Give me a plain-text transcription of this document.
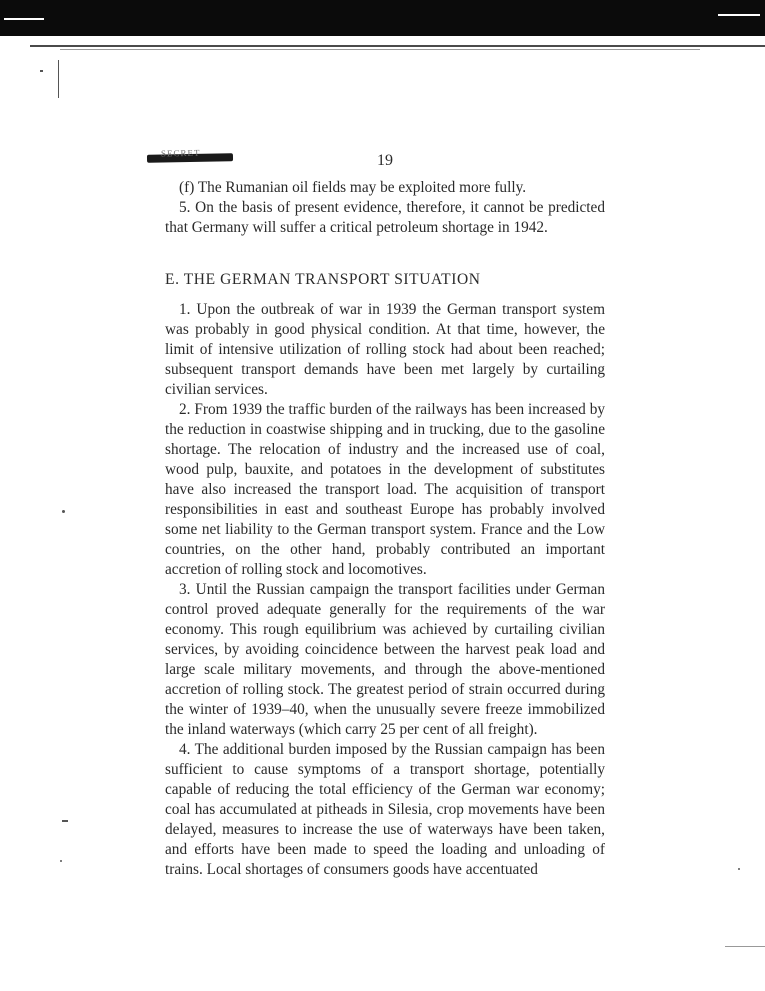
SECRET	19

(f) The Rumanian oil fields may be exploited more fully.

5. On the basis of present evidence, therefore, it cannot be predicted that Germany will suffer a critical petroleum shortage in 1942.

E. THE GERMAN TRANSPORT SITUATION

1. Upon the outbreak of war in 1939 the German transport system was probably in good physical condition. At that time, however, the limit of intensive utilization of rolling stock had about been reached; subsequent transport demands have been met largely by curtailing civilian services.

2. From 1939 the traffic burden of the railways has been increased by the reduction in coastwise shipping and in trucking, due to the gasoline shortage. The relocation of industry and the increased use of coal, wood pulp, bauxite, and potatoes in the development of substitutes have also increased the transport load. The acquisition of transport responsibilities in east and southeast Europe has probably involved some net liability to the German transport system. France and the Low countries, on the other hand, probably contributed an important accretion of rolling stock and locomotives.

3. Until the Russian campaign the transport facilities under German control proved adequate generally for the requirements of the war economy. This rough equilibrium was achieved by curtailing civilian services, by avoiding coincidence between the harvest peak load and large scale military movements, and through the above-mentioned accretion of rolling stock. The greatest period of strain occurred during the winter of 1939–40, when the unusually severe freeze immobilized the inland waterways (which carry 25 per cent of all freight).

4. The additional burden imposed by the Russian campaign has been sufficient to cause symptoms of a transport shortage, potentially capable of reducing the total efficiency of the German war economy; coal has accumulated at pitheads in Silesia, crop movements have been delayed, measures to increase the use of waterways have been taken, and efforts have been made to speed the loading and unloading of trains. Local shortages of consumers goods have accentuated
